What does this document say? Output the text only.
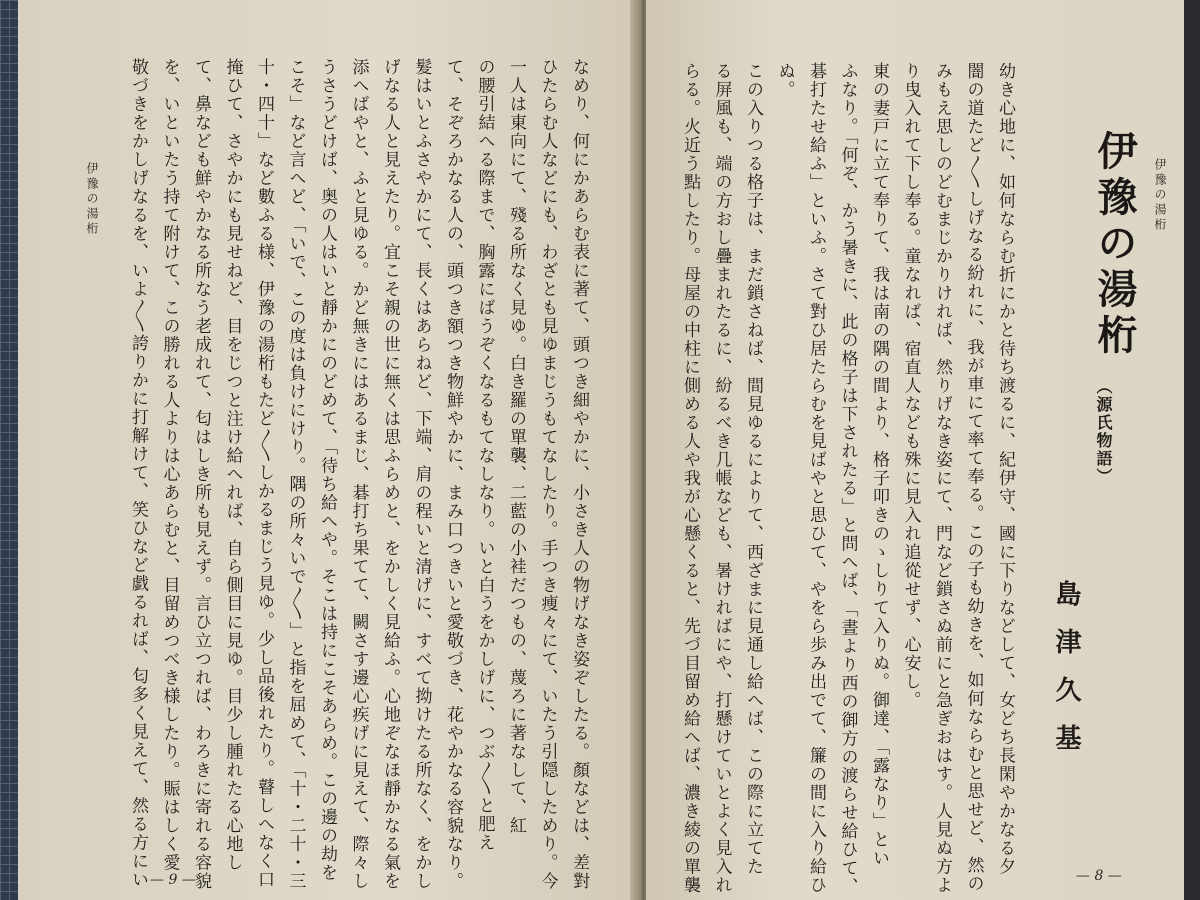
伊豫の湯桁	なめり、何にかあらむ表に著て、頭つき細やかに、小さき人の物げなき姿ぞしたる。顏などは、差對
ひたらむ人などにも、わざとも見ゆまじうもてなしたり。手つき痩々にて、いたう引隠しためり。今
一人は東向にて、殘る所なく見ゆ。白き羅の單襲、二藍の小袿だつもの、蔑ろに著なして、紅
の腰引結へる際まで、胸露にばうぞくなるもてなしなり。いと白うをかしげに、つぶ〳〵と肥え
て、そぞろかなる人の、頭つき額つき物鮮やかに、まみ口つきいと愛敬づき、花やかなる容貌なり。
髮はいとふさやかにて、長くはあらねど、下端、肩の程いと清げに、すべて拗けたる所なく、をかし
げなる人と見えたり。宜こそ親の世に無くは思ふらめと、をかしく見給ふ。心地ぞなほ靜かなる氣を
添へばやと、ふと見ゆる。かど無きにはあるまじ、碁打ち果てて、闕さす邊心疾げに見えて、際々し
うさうどけば、奥の人はいと靜かにのどめて、「待ち給へや。そこは持にこそあらめ。この邊の劫を
こそ」など言へど、「いで、この度は負けにけり。隅の所々いで〳〵」と指を屈めて、「十・二十・三
十・四十」など數ふる様、伊豫の湯桁もたど〳〵しかるまじう見ゆ。少し品後れたり。瞽しへなく口
掩ひて、さやかにも見せねど、目をじつと注け給へれば、自ら側目に見ゆ。目少し腫れたる心地し
て、鼻なども鮮やかなる所なう老成れて、匂はしき所も見えず。言ひ立つれば、わろきに寄れる容貌
を、いといたう持て附けて、この勝れる人よりは心あらむと、目留めつべき様したり。賑はしく愛
敬づきをかしげなるを、いよ〳〵誇りかに打解けて、笑ひなど戯るれば、匂多く見えて、然る方にい — 9 —
伊豫の湯桁
伊豫の湯桁
（源氏物語）
島津久基
幼き心地に、如何ならむ折にかと待ち渡るに、紀伊守、國に下りなどして、女どち長閑やかなる夕
闇の道たど〳〵しげなる紛れに、我が車にて率て奉る。この子も幼きを、如何ならむと思せど、然の
みもえ思しのどむまじかりければ、然りげなき姿にて、門など鎖さぬ前にと急ぎおはす。人見ぬ方よ
り曳入れて下し奉る。童なれば、宿直人なども殊に見入れ追從せず、心安し。
東の妻戸に立て奉りて、我は南の隅の間より、格子叩きのゝしりて入りぬ。御達、「露なり」とい
ふなり。「何ぞ、かう暑きに、此の格子は下されたる」と問へば、「晝より西の御方の渡らせ給ひて、
碁打たせ給ふ」といふ。さて對ひ居たらむを見ばやと思ひて、やをら歩み出でて、簾の間に入り給ひ
ぬ。
この入りつる格子は、まだ鎖さねば、間見ゆるによりて、西ざまに見通し給へば、この際に立てた
る屏風も、端の方おし疊まれたるに、紛るべき几帳なども、暑ければにや、打懸けていとよく見入れ
らる。火近う點したり。母屋の中柱に側める人や我が心懸くると、先づ目留め給へば、濃き綾の單襲	— 8 —
